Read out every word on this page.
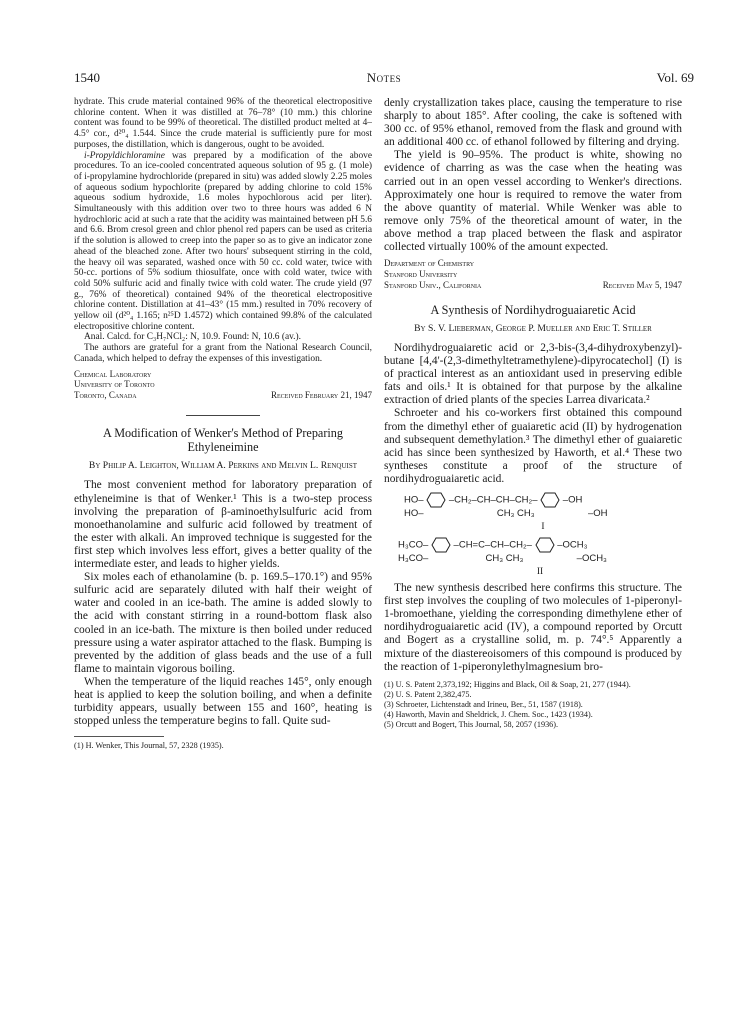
1540	Notes	Vol. 69

hydrate. This crude material contained 96% of the theoretical electropositive chlorine content. When it was distilled at 76–78° (10 mm.) this chlorine content was found to be 99% of theoretical. The distilled product melted at 4–4.5° cor., d²⁰₄ 1.544. Since the crude material is sufficiently pure for most purposes, the distillation, which is dangerous, ought to be avoided.

i-Propyldichloramine was prepared by a modification of the above procedures. To an ice-cooled concentrated aqueous solution of 95 g. (1 mole) of i-propylamine hydrochloride (prepared in situ) was added slowly 2.25 moles of aqueous sodium hypochlorite (prepared by adding chlorine to cold 15% aqueous sodium hydroxide, 1.6 moles hypochlorous acid per liter). Simultaneously with this addition over two to three hours was added 6 N hydrochloric acid at such a rate that the acidity was maintained between pH 5.6 and 6.6. Brom cresol green and chlor phenol red papers can be used as criteria if the solution is allowed to creep into the paper so as to give an indicator zone ahead of the bleached zone. After two hours' subsequent stirring in the cold, the heavy oil was separated, washed once with 50 cc. cold water, twice with 50-cc. portions of 5% sodium thiosulfate, once with cold water, twice with cold 50% sulfuric acid and finally twice with cold water. The crude yield (97 g., 76% of theoretical) contained 94% of the theoretical electropositive chlorine content. Distillation at 41–43° (15 mm.) resulted in 70% recovery of yellow oil (d²⁰₄ 1.165; n²⁵D 1.4572) which contained 99.8% of the calculated electropositive chlorine content.

Anal. Calcd. for C₃H₇NCl₂: N, 10.9. Found: N, 10.6 (av.).

The authors are grateful for a grant from the National Research Council, Canada, which helped to defray the expenses of this investigation.

Chemical Laboratory
University of Toronto
Toronto, Canada	Received February 21, 1947
A Modification of Wenker's Method of Preparing Ethyleneimine
By Philip A. Leighton, William A. Perkins and Melvin L. Renquist

The most convenient method for laboratory preparation of ethyleneimine is that of Wenker.¹ This is a two-step process involving the preparation of β-aminoethylsulfuric acid from monoethanolamine and sulfuric acid followed by treatment of the ester with alkali. An improved technique is suggested for the first step which involves less effort, gives a better quality of the intermediate ester, and leads to higher yields.

Six moles each of ethanolamine (b. p. 169.5–170.1°) and 95% sulfuric acid are separately diluted with half their weight of water and cooled in an ice-bath. The amine is added slowly to the acid with constant stirring in a round-bottom flask also cooled in an ice-bath. The mixture is then boiled under reduced pressure using a water aspirator attached to the flask. Bumping is prevented by the addition of glass beads and the use of a full flame to maintain vigorous boiling.

When the temperature of the liquid reaches 145°, only enough heat is applied to keep the solution boiling, and when a definite turbidity appears, usually between 155 and 160°, heating is stopped unless the temperature begins to fall. Quite sud-

(1) H. Wenker, This Journal, 57, 2328 (1935).

denly crystallization takes place, causing the temperature to rise sharply to about 185°. After cooling, the cake is softened with 300 cc. of 95% ethanol, removed from the flask and ground with an additional 400 cc. of ethanol followed by filtering and drying.

The yield is 90–95%. The product is white, showing no evidence of charring as was the case when the heating was carried out in an open vessel according to Wenker's directions. Approximately one hour is required to remove the water from the above quantity of material. While Wenker was able to remove only 75% of the theoretical amount of water, in the above method a trap placed between the flask and aspirator collected virtually 100% of the amount expected.

Department of Chemistry
Stanford University
Stanford Univ., California	Received May 5, 1947
A Synthesis of Nordihydroguaiaretic Acid
By S. V. Lieberman, George P. Mueller and Eric T. Stiller

Nordihydroguaiaretic acid or 2,3-bis-(3,4-dihydroxybenzyl)-butane [4,4'-(2,3-dimethyltetramethylene)-dipyrocatechol] (I) is of practical interest as an antioxidant used in preserving edible fats and oils.¹ It is obtained for that purpose by the alkaline extraction of dried plants of the species Larrea divaricata.²

Schroeter and his co-workers first obtained this compound from the dimethyl ether of guaiaretic acid (II) by hydrogenation and subsequent demethylation.³ The dimethyl ether of guaiaretic acid has since been synthesized by Haworth, et al.⁴ These two syntheses constitute a proof of the structure of nordihydroguaiaretic acid.

HO–	–CH₂–CH–CH–CH₂–	–OH
HO–	CH₃ CH₃	–OH
I
H₃CO–	–CH=C–CH–CH₂–	–OCH₃
H₃CO–	CH₃ CH₃	–OCH₃
II

The new synthesis described here confirms this structure. The first step involves the coupling of two molecules of 1-piperonyl-1-bromoethane, yielding the corresponding dimethylene ether of nordihydroguaiaretic acid (IV), a compound reported by Orcutt and Bogert as a crystalline solid, m. p. 74°.⁵ Apparently a mixture of the diastereoisomers of this compound is produced by the reaction of 1-piperonylethylmagnesium bro-

(1) U. S. Patent 2,373,192; Higgins and Black, Oil & Soap, 21, 277 (1944).
(2) U. S. Patent 2,382,475.
(3) Schroeter, Lichtenstadt and Irineu, Ber., 51, 1587 (1918).
(4) Haworth, Mavin and Sheldrick, J. Chem. Soc., 1423 (1934).
(5) Orcutt and Bogert, This Journal, 58, 2057 (1936).
